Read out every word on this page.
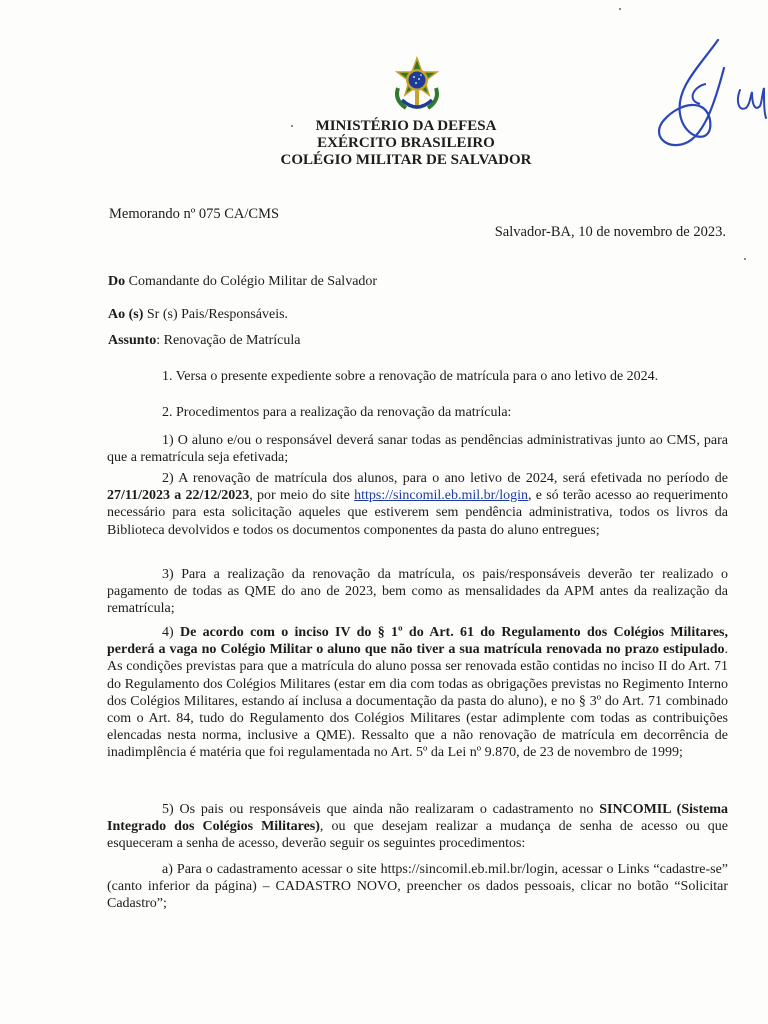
MINISTÉRIO DA DEFESA
EXÉRCITO BRASILEIRO
COLÉGIO MILITAR DE SALVADOR
Memorando nº 075 CA/CMS
Salvador-BA, 10 de novembro de 2023.
Do Comandante do Colégio Militar de Salvador
Ao (s) Sr (s) Pais/Responsáveis.
Assunto: Renovação de Matrícula
1. Versa o presente expediente sobre a renovação de matrícula para o ano letivo de 2024.
2. Procedimentos para a realização da renovação da matrícula:
1) O aluno e/ou o responsável deverá sanar todas as pendências administrativas junto ao CMS, para que a rematrícula seja efetivada;
2) A renovação de matrícula dos alunos, para o ano letivo de 2024, será efetivada no período de 27/11/2023 a 22/12/2023, por meio do site https://sincomil.eb.mil.br/login, e só terão acesso ao requerimento necessário para esta solicitação aqueles que estiverem sem pendência administrativa, todos os livros da Biblioteca devolvidos e todos os documentos componentes da pasta do aluno entregues;
3) Para a realização da renovação da matrícula, os pais/responsáveis deverão ter realizado o pagamento de todas as QME do ano de 2023, bem como as mensalidades da APM antes da realização da rematrícula;
4) De acordo com o inciso IV do § 1º do Art. 61 do Regulamento dos Colégios Militares, perderá a vaga no Colégio Militar o aluno que não tiver a sua matrícula renovada no prazo estipulado. As condições previstas para que a matrícula do aluno possa ser renovada estão contidas no inciso II do Art. 71 do Regulamento dos Colégios Militares (estar em dia com todas as obrigações previstas no Regimento Interno dos Colégios Militares, estando aí inclusa a documentação da pasta do aluno), e no § 3º do Art. 71 combinado com o Art. 84, tudo do Regulamento dos Colégios Militares (estar adimplente com todas as contribuições elencadas nesta norma, inclusive a QME). Ressalto que a não renovação de matrícula em decorrência de inadimplência é matéria que foi regulamentada no Art. 5º da Lei nº 9.870, de 23 de novembro de 1999;
5) Os pais ou responsáveis que ainda não realizaram o cadastramento no SINCOMIL (Sistema Integrado dos Colégios Militares), ou que desejam realizar a mudança de senha de acesso ou que esqueceram a senha de acesso, deverão seguir os seguintes procedimentos:
a) Para o cadastramento acessar o site https://sincomil.eb.mil.br/login, acessar o Links “cadastre-se” (canto inferior da página) – CADASTRO NOVO, preencher os dados pessoais, clicar no botão “Solicitar Cadastro”;
